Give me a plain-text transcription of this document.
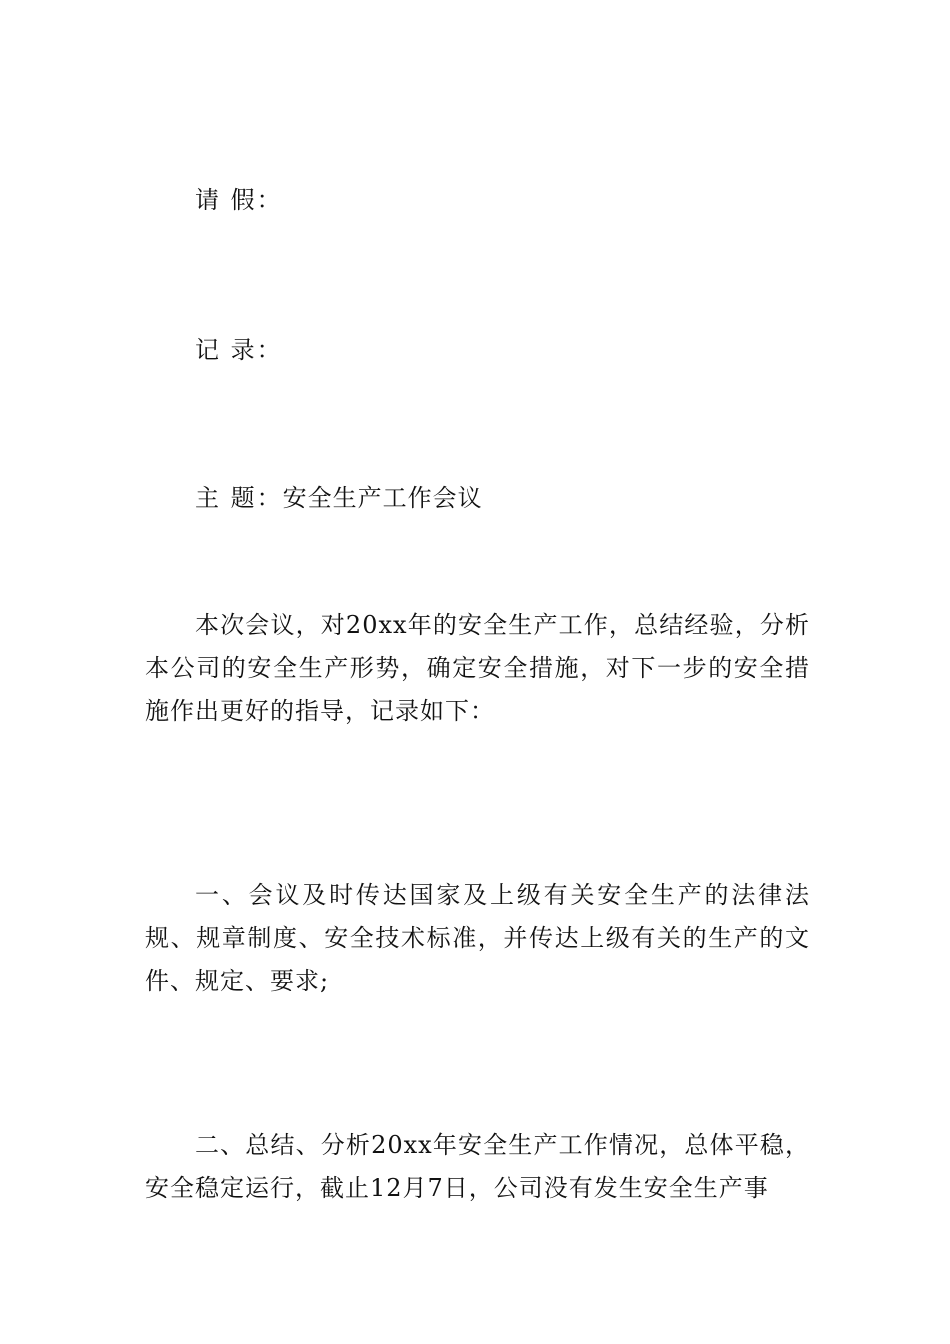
请 假：
记 录：
主 题：安全生产工作会议

本次会议，对20xx年的安全生产工作，总结经验，分析本公司的安全生产形势，确定安全措施，对下一步的安全措施作出更好的指导，记录如下：

一、会议及时传达国家及上级有关安全生产的法律法规、规章制度、安全技术标准，并传达上级有关的生产的文件、规定、要求;

二、总结、分析20xx年安全生产工作情况，总体平稳，安全稳定运行，截止12月7日，公司没有发生安全生产事
